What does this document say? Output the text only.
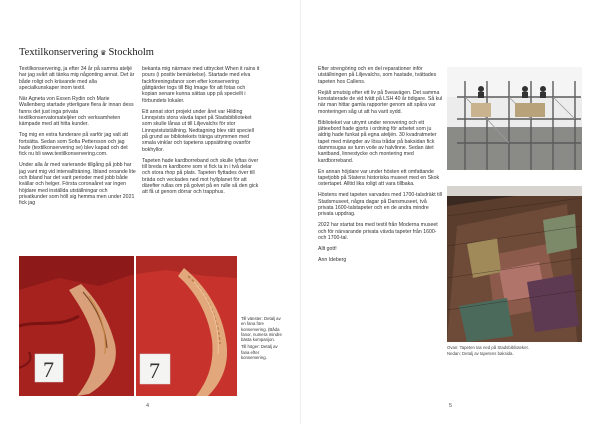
Textilkonservering ♛ Stockholm

Textilkonservering, ja efter 34 år på samma ateljé har jag svårt att tänka mig någonting annat. Det är både roligt och krävande med alla specialkunskaper inom textil.

När Agneta von Essen Rydin och Marie Wallenberg startade ytterligare flera år innan dess fanns det just inga privata textilkonservatorsateljéer och verksamheten kämpade med att hitta kunder.

Tog mig en extra funderare på varför jag valt att fortsätta. Sedan som Sofia Pettersson och jag hade (textilkonservering se) blev kapad och det fick nu bli www.textilkonservering.com.

Under alla år med varierande tillgång på jobb har jag vant mig vid intervallträning. Ibland oroande lite och ibland har det varit perioder med jobb både kvällar och helger. Första coronaåret var ingen höjdare med inställda utställningar och privatkunder som höll sig hemma men under 2021 fick jag

bekanta mig närmare med uttrycket When it rains it pours (i positiv bemärkelse). Startade med elva fackföreningsfanor som efter konservering gåttgärder togs till Big Image för att fotas och kopian senare kunna sättas upp på speciellt i förbundets lokaler.

Ett annat stort projekt under året var Hilding Linnqvists stora vävda tapet på Stadsbiblioteket som skulle lånas ut till Liljevalchs för stor Linnqvistutställning. Nedtagning blev rätt speciell på grund av bibliotekets tränga utrymmen med smala vinklar och tapetens uppsättning ovanför bokhyllor.

Tapeten hade kardborreband och skulle lyftas över till breda m kardborre som vi fick ta in i två delar och stora rhop på plats. Tapeten flyttades över till bräda och veckades ned mot hyllplanet för att därefter rullas om på golvet på en rulle så den gick att få ut genom dörrar och trapphus.

7	7

Till vänster: Detalj av en fana före konservering. (Båda fanor, numera mindre bästa kompanjon.

Till höger: Detalj av fana efter konservering.

4

Efter strengöring och en del reparationer inför utställningen på Liljevalchs, som hastade, tvättades tapeten hos Callens.

Rejält smutsig efter ett liv på 5veavägen. Det samma konstaterade de vid tvätt på LSH 40 år tidigare. Så kul när man hittar gamla rapporter genom att spåra var monteringen såg ut att ha varit sydd.

Biblioteket var utrymt under renovering och ett jätteebord hade gjorts i ordning för arbetet som ju aldrig hade funkat på egna ateljén. 30 kvadratmeter tapet med mängder av lösa trådar på baksidan fick dammsugas av tunn voile av halvlinne. Sedan ätet kantband, linnestycke och montering med kardborreband.

En annan höjdare var under hösten ett omfattande tapetjobb på Statens historiska museet med en Skok ostertapet. Alltid lika roligt att vara tillbaka.

Höstens med tapeten varvades med 1700-talsdräkt till Stadsmuseet, några dagar på Dansmuseet, två privata 1600-talstapeter och en de andra mindre privata uppdrag.

2022 har startat bra med textil från Moderna museet och för närvarande privata vävda tapeter från 1600- och 1700-tal.

Allt gott!

Ann Ideberg

Ovan: Tapeten tas ned på Stadsbiblioteket.
Nedan: Detalj av tapetens baksida.
5
